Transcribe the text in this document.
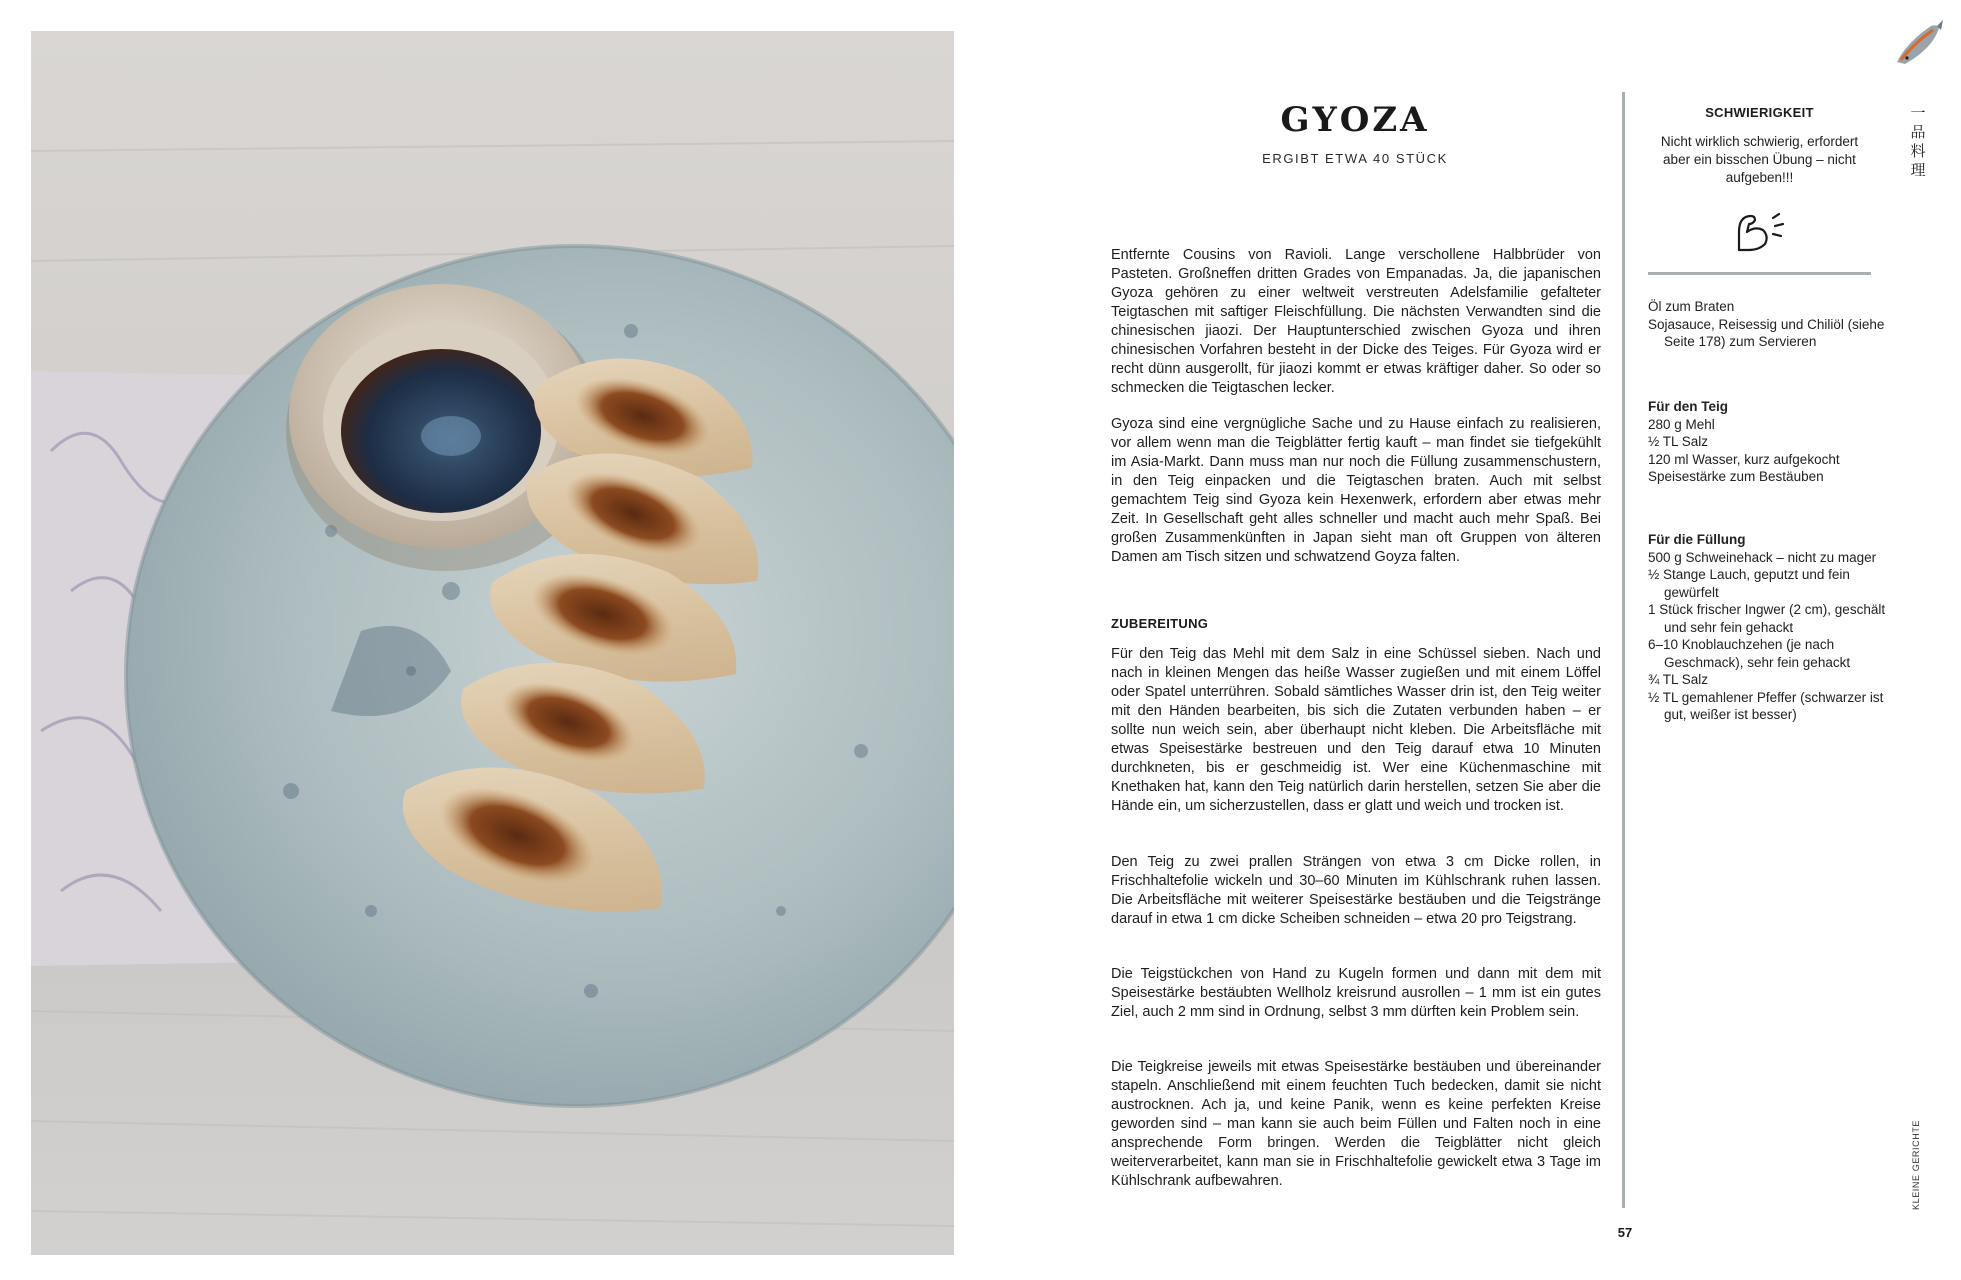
GYOZA
ERGIBT ETWA 40 STÜCK

Entfernte Cousins von Ravioli. Lange verschollene Halbbrüder von Pasteten. Großneffen dritten Grades von Empanadas. Ja, die japanischen Gyoza gehören zu einer weltweit verstreuten Adelsfamilie gefalteter Teigtaschen mit saftiger Fleischfüllung. Die nächsten Verwandten sind die chinesischen jiaozi. Der Hauptunterschied zwischen Gyoza und ihren chinesischen Vorfahren besteht in der Dicke des Teiges. Für Gyoza wird er recht dünn ausgerollt, für jiaozi kommt er etwas kräftiger daher. So oder so schmecken die Teigtaschen lecker.

Gyoza sind eine vergnügliche Sache und zu Hause einfach zu realisieren, vor allem wenn man die Teigblätter fertig kauft – man findet sie tiefgekühlt im Asia-Markt. Dann muss man nur noch die Füllung zusammenschustern, in den Teig einpacken und die Teigtaschen braten. Auch mit selbst gemachtem Teig sind Gyoza kein Hexenwerk, erfordern aber etwas mehr Zeit. In Gesellschaft geht alles schneller und macht auch mehr Spaß. Bei großen Zusammenkünften in Japan sieht man oft Gruppen von älteren Damen am Tisch sitzen und schwatzend Goyza falten.

ZUBEREITUNG

Für den Teig das Mehl mit dem Salz in eine Schüssel sieben. Nach und nach in kleinen Mengen das heiße Wasser zugießen und mit einem Löffel oder Spatel unterrühren. Sobald sämtliches Wasser drin ist, den Teig weiter mit den Händen bearbeiten, bis sich die Zutaten verbunden haben – er sollte nun weich sein, aber überhaupt nicht kleben. Die Arbeitsfläche mit etwas Speisestärke bestreuen und den Teig darauf etwa 10 Minuten durchkneten, bis er geschmeidig ist. Wer eine Küchenmaschine mit Knethaken hat, kann den Teig natürlich darin herstellen, setzen Sie aber die Hände ein, um sicherzustellen, dass er glatt und weich und trocken ist.

Den Teig zu zwei prallen Strängen von etwa 3 cm Dicke rollen, in Frischhaltefolie wickeln und 30–60 Minuten im Kühlschrank ruhen lassen. Die Arbeitsfläche mit weiterer Speisestärke bestäuben und die Teigstränge darauf in etwa 1 cm dicke Scheiben schneiden – etwa 20 pro Teigstrang.

Die Teigstückchen von Hand zu Kugeln formen und dann mit dem mit Speisestärke bestäubten Wellholz kreisrund ausrollen – 1 mm ist ein gutes Ziel, auch 2 mm sind in Ordnung, selbst 3 mm dürften kein Problem sein.

Die Teigkreise jeweils mit etwas Speisestärke bestäuben und übereinander stapeln. Anschließend mit einem feuchten Tuch bedecken, damit sie nicht austrocknen. Ach ja, und keine Panik, wenn es keine perfekten Kreise geworden sind – man kann sie auch beim Füllen und Falten noch in eine ansprechende Form bringen. Werden die Teigblätter nicht gleich weiterverarbeitet, kann man sie in Frischhaltefolie gewickelt etwa 3 Tage im Kühlschrank aufbewahren.

SCHWIERIGKEIT
Nicht wirklich schwierig, erfordert aber ein bisschen Übung – nicht aufgeben!!!
Öl zum Braten
Sojasauce, Reisessig und Chiliöl (siehe Seite 178) zum Servieren
Für den Teig
280 g Mehl
½ TL Salz
120 ml Wasser, kurz aufgekocht
Speisestärke zum Bestäuben
Für die Füllung
500 g Schweinehack – nicht zu mager
½ Stange Lauch, geputzt und fein gewürfelt
1 Stück frischer Ingwer (2 cm), geschält und sehr fein gehackt
6–10 Knoblauchzehen (je nach Geschmack), sehr fein gehackt
¾ TL Salz
½ TL gemahlener Pfeffer (schwarzer ist gut, weißer ist besser)
57
一品料理
KLEINE GERICHTE
